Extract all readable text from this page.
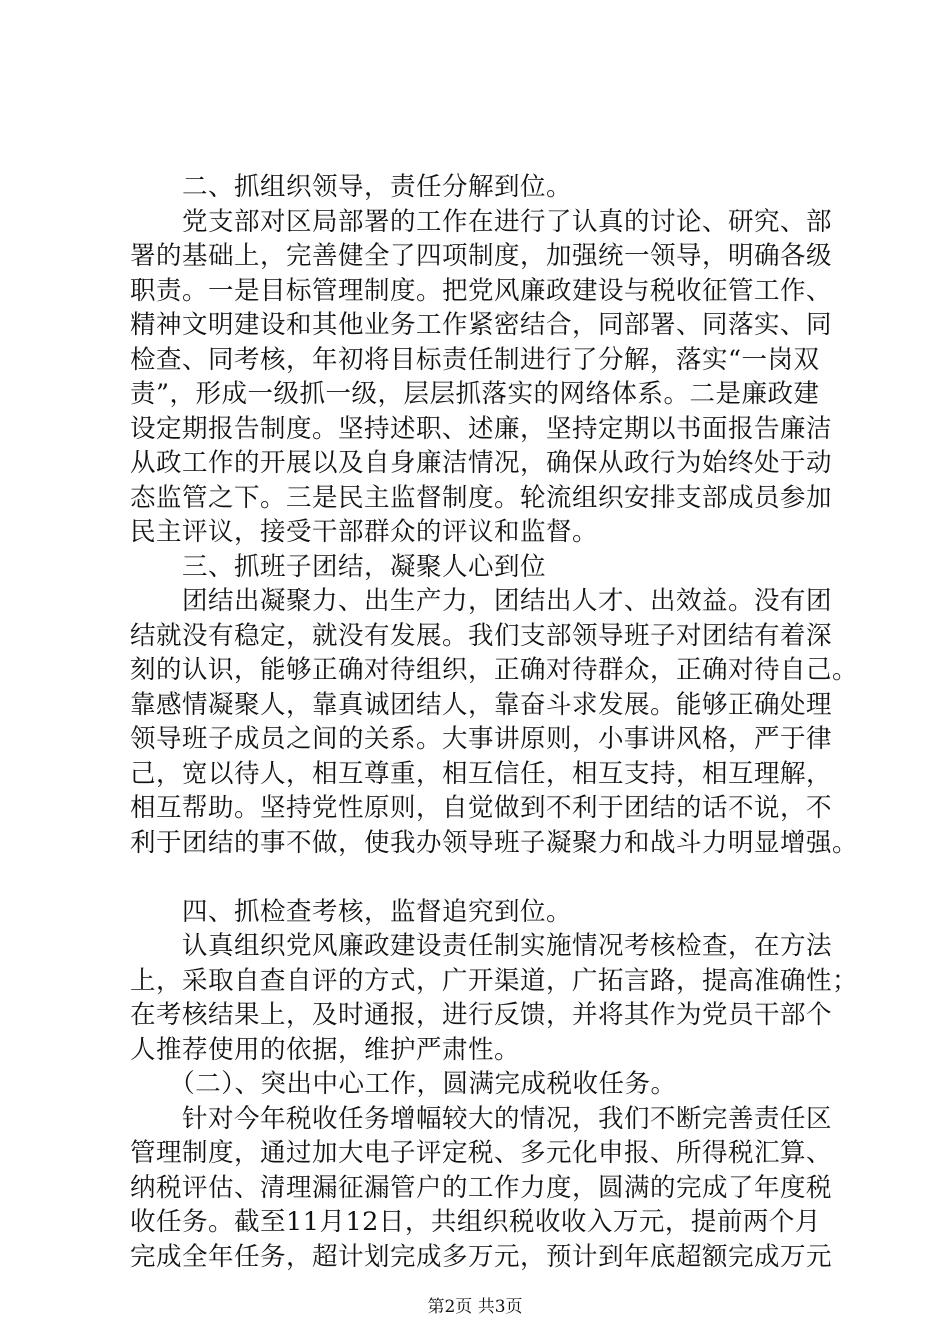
　　二、抓组织领导，责任分解到位。
　　党支部对区局部署的工作在进行了认真的讨论、研究、部
署的基础上，完善健全了四项制度，加强统一领导，明确各级
职责。一是目标管理制度。把党风廉政建设与税收征管工作、
精神文明建设和其他业务工作紧密结合，同部署、同落实、同
检查、同考核，年初将目标责任制进行了分解，落实“一岗双
责”，形成一级抓一级，层层抓落实的网络体系。二是廉政建
设定期报告制度。坚持述职、述廉，坚持定期以书面报告廉洁
从政工作的开展以及自身廉洁情况，确保从政行为始终处于动
态监管之下。三是民主监督制度。轮流组织安排支部成员参加
民主评议，接受干部群众的评议和监督。
　　三、抓班子团结，凝聚人心到位
　　团结出凝聚力、出生产力，团结出人才、出效益。没有团
结就没有稳定，就没有发展。我们支部领导班子对团结有着深
刻的认识，能够正确对待组织，正确对待群众，正确对待自己。
靠感情凝聚人，靠真诚团结人，靠奋斗求发展。能够正确处理
领导班子成员之间的关系。大事讲原则，小事讲风格，严于律
己，宽以待人，相互尊重，相互信任，相互支持，相互理解，
相互帮助。坚持党性原则，自觉做到不利于团结的话不说，不
利于团结的事不做，使我办领导班子凝聚力和战斗力明显增强。
　　四、抓检查考核，监督追究到位。
　　认真组织党风廉政建设责任制实施情况考核检查，在方法
上，采取自查自评的方式，广开渠道，广拓言路，提高准确性；
在考核结果上，及时通报，进行反馈，并将其作为党员干部个
人推荐使用的依据，维护严肃性。
　　（二）、突出中心工作，圆满完成税收任务。
　　针对今年税收任务增幅较大的情况，我们不断完善责任区
管理制度，通过加大电子评定税、多元化申报、所得税汇算、
纳税评估、清理漏征漏管户的工作力度，圆满的完成了年度税
收任务。截至11月12日，共组织税收收入万元，提前两个月
完成全年任务，超计划完成多万元，预计到年底超额完成万元
第2页 共3页
